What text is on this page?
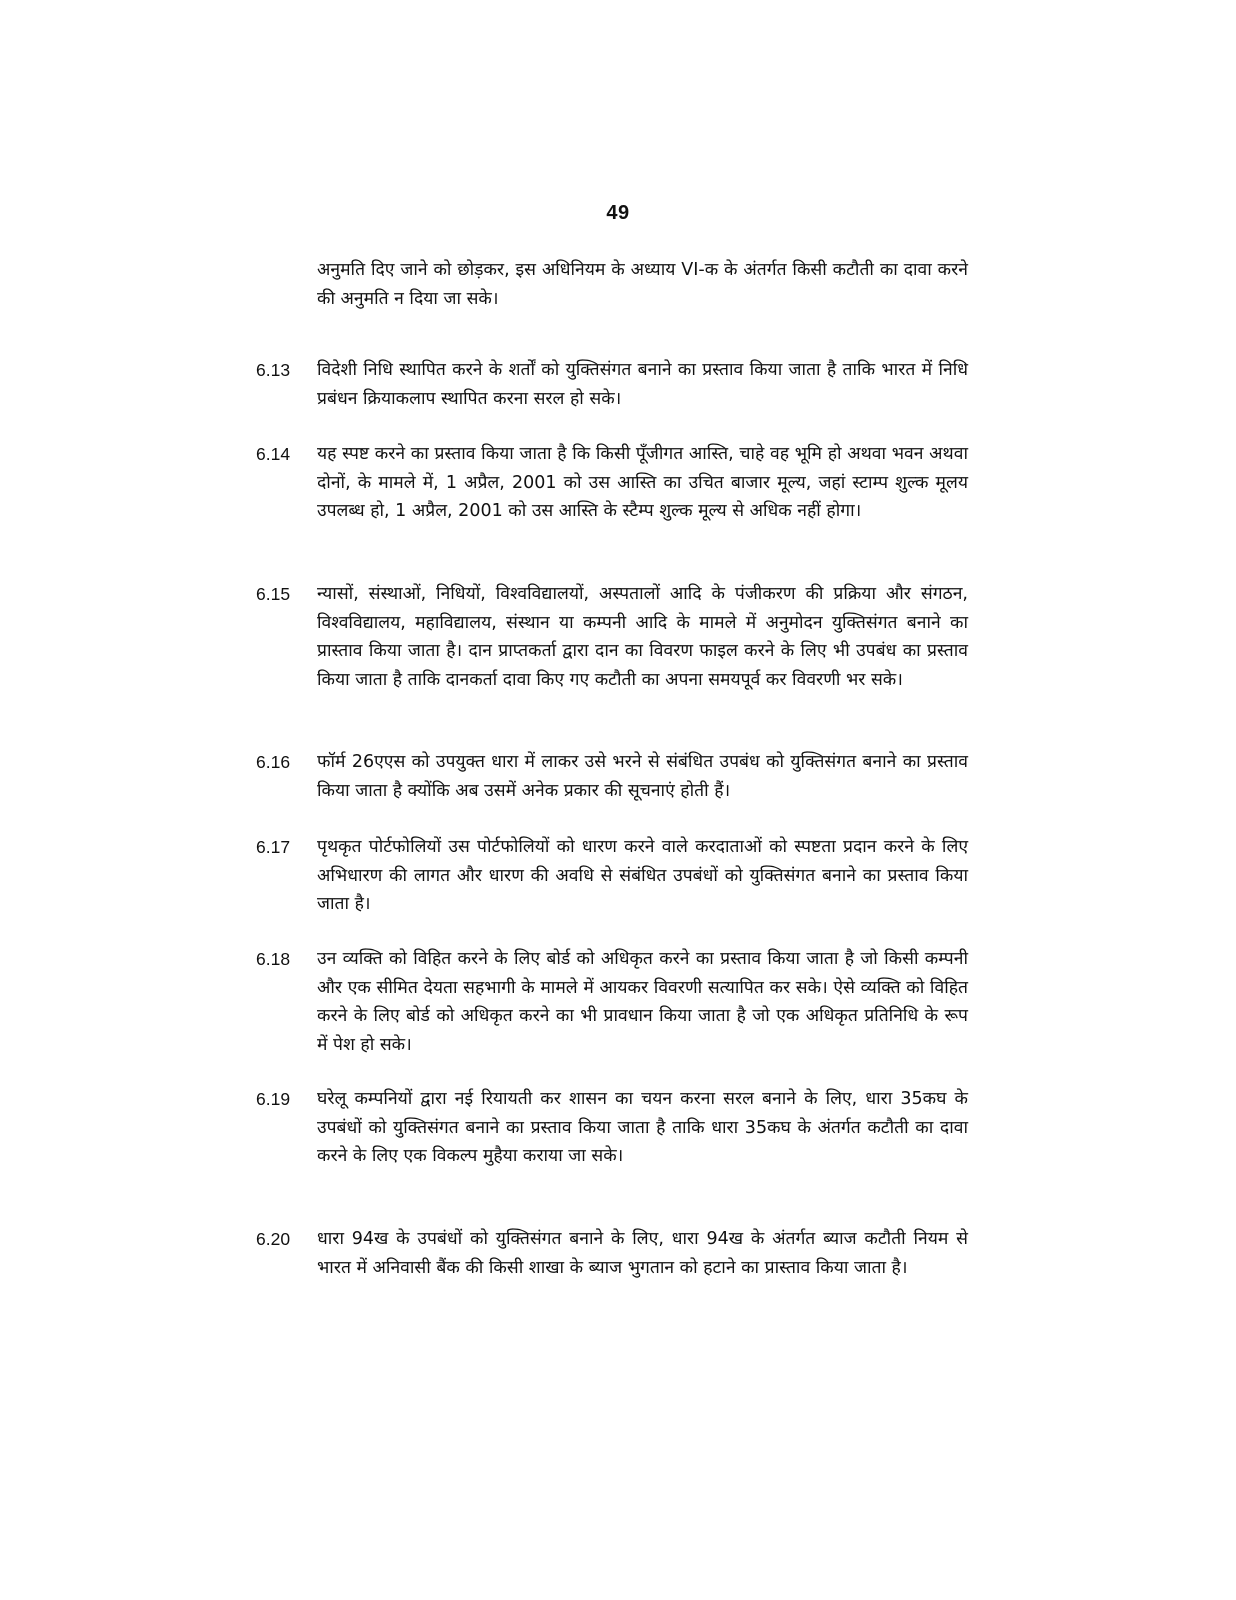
49
अनुमति दिए जाने को छोड़कर, इस अधिनियम के अध्याय VI-क के अंतर्गत किसी कटौती का दावा करने की अनुमति न दिया जा सके।
6.13 विदेशी निधि स्थापित करने के शर्तों को युक्तिसंगत बनाने का प्रस्ताव किया जाता है ताकि भारत में निधि प्रबंधन क्रियाकलाप स्थापित करना सरल हो सके।
6.14 यह स्पष्ट करने का प्रस्ताव किया जाता है कि किसी पूँजीगत आस्ति, चाहे वह भूमि हो अथवा भवन अथवा दोनों, के मामले में, 1 अप्रैल, 2001 को उस आस्ति का उचित बाजार मूल्य, जहां स्टाम्प शुल्क मूलय उपलब्ध हो, 1 अप्रैल, 2001 को उस आस्ति के स्टैम्प शुल्क मूल्य से अधिक नहीं होगा।
6.15 न्यासों, संस्थाओं, निधियों, विश्वविद्यालयों, अस्पतालों आदि के पंजीकरण की प्रक्रिया और संगठन, विश्वविद्यालय, महाविद्यालय, संस्थान या कम्पनी आदि के मामले में अनुमोदन युक्तिसंगत बनाने का प्रास्ताव किया जाता है। दान प्राप्तकर्ता द्वारा दान का विवरण फाइल करने के लिए भी उपबंध का प्रस्ताव किया जाता है ताकि दानकर्ता दावा किए गए कटौती का अपना समयपूर्व कर विवरणी भर सके।
6.16 फॉर्म 26एएस को उपयुक्त धारा में लाकर उसे भरने से संबंधित उपबंध को युक्तिसंगत बनाने का प्रस्ताव किया जाता है क्योंकि अब उसमें अनेक प्रकार की सूचनाएं होती हैं।
6.17 पृथकृत पोर्टफोलियों उस पोर्टफोलियों को धारण करने वाले करदाताओं को स्पष्टता प्रदान करने के लिए अभिधारण की लागत और धारण की अवधि से संबंधित उपबंधों को युक्तिसंगत बनाने का प्रस्ताव किया जाता है।
6.18 उन व्यक्ति को विहित करने के लिए बोर्ड को अधिकृत करने का प्रस्ताव किया जाता है जो किसी कम्पनी और एक सीमित देयता सहभागी के मामले में आयकर विवरणी सत्यापित कर सके। ऐसे व्यक्ति को विहित करने के लिए बोर्ड को अधिकृत करने का भी प्रावधान किया जाता है जो एक अधिकृत प्रतिनिधि के रूप में पेश हो सके।
6.19 घरेलू कम्पनियों द्वारा नई रियायती कर शासन का चयन करना सरल बनाने के लिए, धारा 35कघ के उपबंधों को युक्तिसंगत बनाने का प्रस्ताव किया जाता है ताकि धारा 35कघ के अंतर्गत कटौती का दावा करने के लिए एक विकल्प मुहैया कराया जा सके।
6.20 धारा 94ख के उपबंधों को युक्तिसंगत बनाने के लिए, धारा 94ख के अंतर्गत ब्याज कटौती नियम से भारत में अनिवासी बैंक की किसी शाखा के ब्याज भुगतान को हटाने का प्रास्ताव किया जाता है।
